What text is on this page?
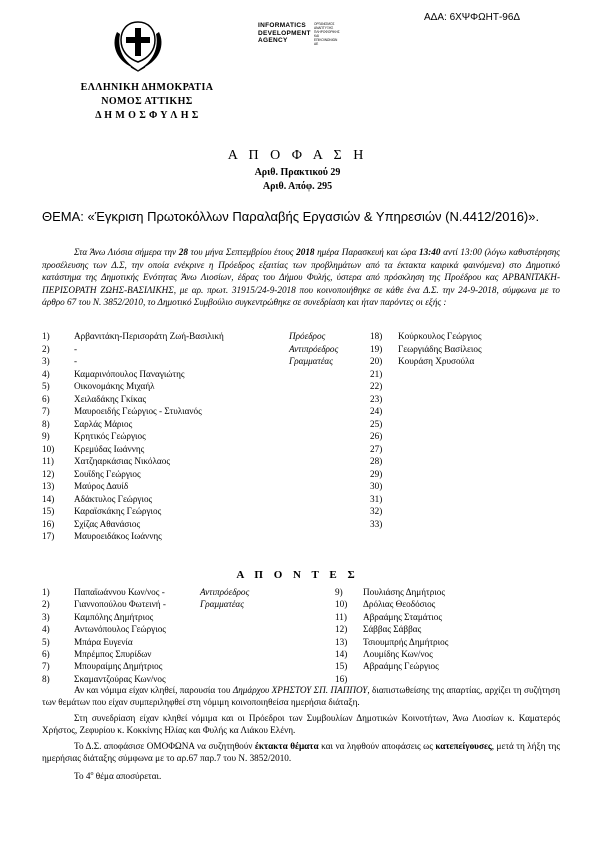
ΑΔΑ: 6ΧΨΦΩΗΤ-96Δ
INFORMATICS
DEVELOPMENT
AGENCY
ΟΡΓΑΝΙΣΜΟΣ
ΑΝΑΠΤΥΞΗΣ
ΠΛΗΡΟΦΟΡΙΚΗΣ
ΚΑΙ
ΕΠΙΚΟΙΝΩΝΙΩΝ
ΑΕ
ΕΛΛΗΝΙΚΗ ΔΗΜΟΚΡΑΤΙΑ
ΝΟΜΟΣ ΑΤΤΙΚΗΣ
Δ Η Μ Ο Σ Φ Υ Λ Η Σ
Α Π Ο Φ Α Σ Η
Αριθ. Πρακτικού 29
Αριθ. Απόφ. 295
ΘΕΜΑ: «Έγκριση Πρωτοκόλλων Παραλαβής Εργασιών & Υπηρεσιών (Ν.4412/2016)».

Στα Άνω Λιόσια σήμερα την 28 του μήνα Σεπτεμβρίου έτους 2018 ημέρα Παρασκευή και ώρα 13:40 αντί 13:00 (λόγω καθυστέρησης προσέλευσης των Δ.Σ, την οποία ενέκρινε η Πρόεδρος εξαιτίας των προβλημάτων από τα έκτακτα καιρικά φαινόμενα) στο Δημοτικό κατάστημα της Δημοτικής Ενότητας Άνω Λιοσίων, έδρας του Δήμου Φυλής, ύστερα από πρόσκληση της Προέδρου κας ΑΡΒΑΝΙΤΑΚΗ-ΠΕΡΙΣΟΡΑΤΗ ΖΩΗΣ-ΒΑΣΙΛΙΚΗΣ, με αρ. πρωτ. 31915/24-9-2018 που κοινοποιήθηκε σε κάθε ένα Δ.Σ. την 24-9-2018, σύμφωνα με το άρθρο 67 του Ν. 3852/2010, το Δημοτικό Συμβούλιο συγκεντρώθηκε σε συνεδρίαση και ήταν παρόντες οι εξής :

1)	Αρβανιτάκη-Περισοράτη Ζωή-Βασιλική	Πρόεδρος
2)	-	Αντιπρόεδρος
3)	-	Γραμματέας
4)	Καμαρινόπουλος Παναγιώτης
5)	Οικονομάκης Μιχαήλ
6)	Χειλαδάκης Γκίκας
7)	Μαυροειδής Γεώργιος - Στυλιανός
8)	Σαρλάς Μάριος
9)	Κρητικός Γεώργιος
10) Κρεμύδας Ιωάννης
11) Χατζηαρκάσιας Νικόλαος
12) Σουΐδης Γεώργιος
13) Μαύρος Δαυίδ
14) Αδάκτυλος Γεώργιος
15) Καραϊσκάκης Γεώργιος
16) Σχίζας Αθανάσιος
17) Μαυροειδάκος Ιωάννης
18) Κούρκουλος Γεώργιος
19) Γεωργιάδης Βασίλειος
20) Κουράση Χρυσούλα
21)
22)
23)
24)
25)
26)
27)
28)
29)
30)
31)
32)
33)
Α Π Ο Ν Τ Ε Σ
1)	Παπαϊωάννου Κων/νος -	Αντιπρόεδρος
2)	Γιαννοπούλου Φωτεινή -	Γραμματέας
3)	Καμπόλης Δημήτριος
4)	Αντωνόπουλος Γεώργιος
5)	Μπάρα Ευγενία
6)	Μπρέμπος Σπυρίδων
7)	Μπουραίμης Δημήτριος
8)	Σκαμαντζούρας Κων/νος
9) Πουλιάσης Δημήτριος
10) Δρόλιας Θεοδόσιος
11) Αβραάμης Σταμάτιος
12) Σάββας Σάββας
13) Τσιουμπρής Δημήτριος
14) Λουμίδης Κων/νος
15) Αβραάμης Γεώργιος
16)
Αν και νόμιμα είχαν κληθεί, παρουσία του Δημάρχου ΧΡΗΣΤΟΥ ΣΠ. ΠΑΠΠΟΥ, διαπιστωθείσης της απαρτίας, αρχίζει τη συζήτηση των θεμάτων που είχαν συμπεριληφθεί στη νόμιμη κοινοποιηθείσα ημερήσια διάταξη.
Στη συνεδρίαση είχαν κληθεί νόμιμα και οι Πρόεδροι των Συμβουλίων Δημοτικών Κοινοτήτων, Άνω Λιοσίων κ. Καματερός Χρήστος, Ζεφυρίου κ. Κοκκίνης Ηλίας και Φυλής κα Λιάκου Ελένη.
Το Δ.Σ. αποφάσισε ΟΜΟΦΩΝΑ να συζητηθούν έκτακτα θέματα και να ληφθούν αποφάσεις ως κατεπείγουσες, μετά τη λήξη της ημερήσιας διάταξης σύμφωνα με το αρ.67 παρ.7 του Ν. 3852/2010.
Το $4^o$ θέμα αποσύρεται.
